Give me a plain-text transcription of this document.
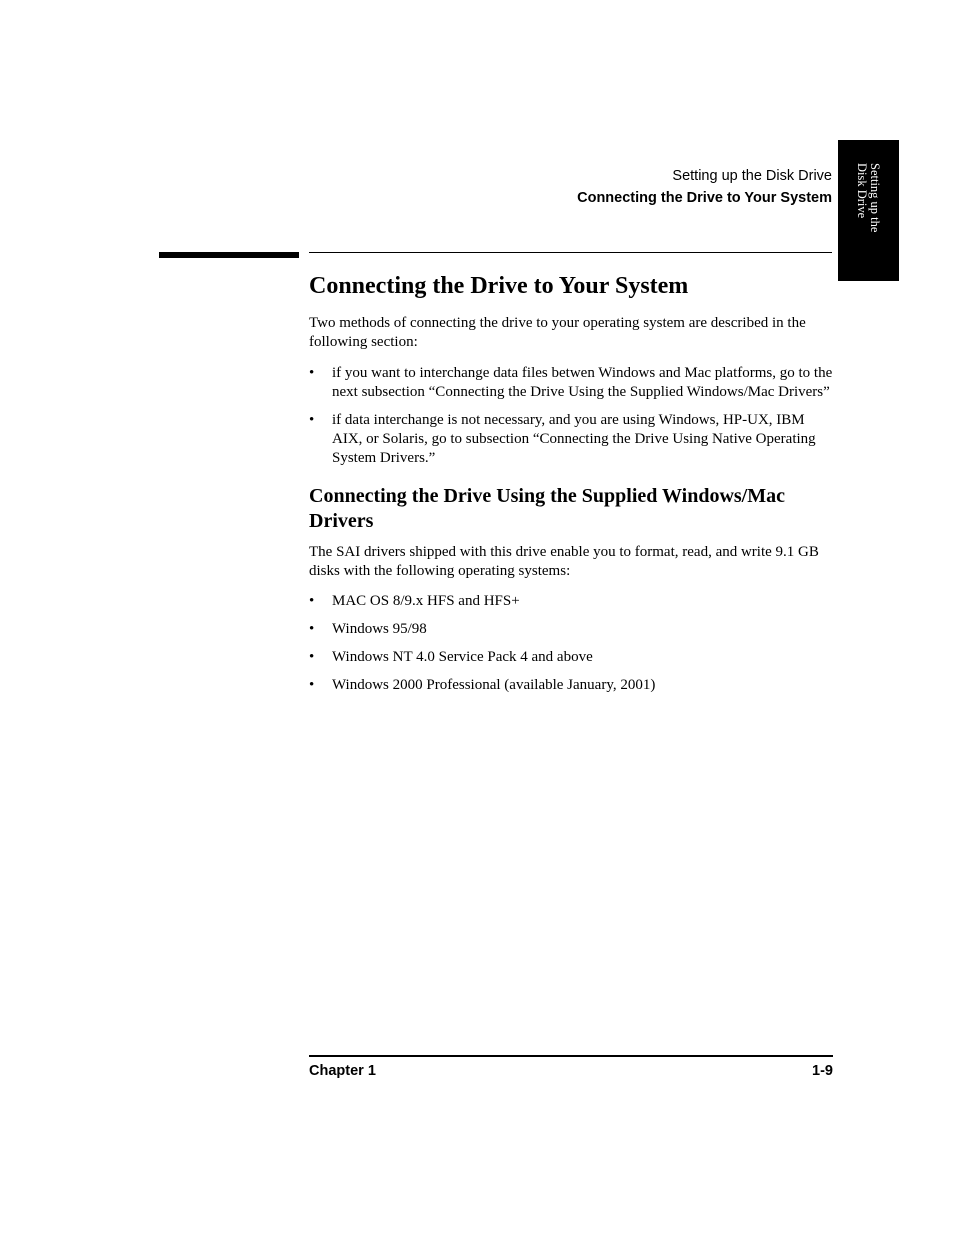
Setting up the Disk Drive
Connecting the Drive to Your System	Setting up the
Disk Drive
Connecting the Drive to Your System

Two methods of connecting the drive to your operating system are described in the following section:

• if you want to interchange data files betwen Windows and Mac platforms, go to the next subsection “Connecting the Drive Using the Supplied Windows/Mac Drivers”
• if data interchange is not necessary, and you are using Windows, HP-UX, IBM AIX, or Solaris, go to subsection “Connecting the Drive Using Native Operating System Drivers.”
Connecting the Drive Using the Supplied Windows/Mac Drivers

The SAI drivers shipped with this drive enable you to format, read, and write 9.1 GB disks with the following operating systems:

• MAC OS 8/9.x HFS and HFS+
• Windows 95/98
• Windows NT 4.0 Service Pack 4 and above
• Windows 2000 Professional (available January, 2001)
Chapter 1	1-9
